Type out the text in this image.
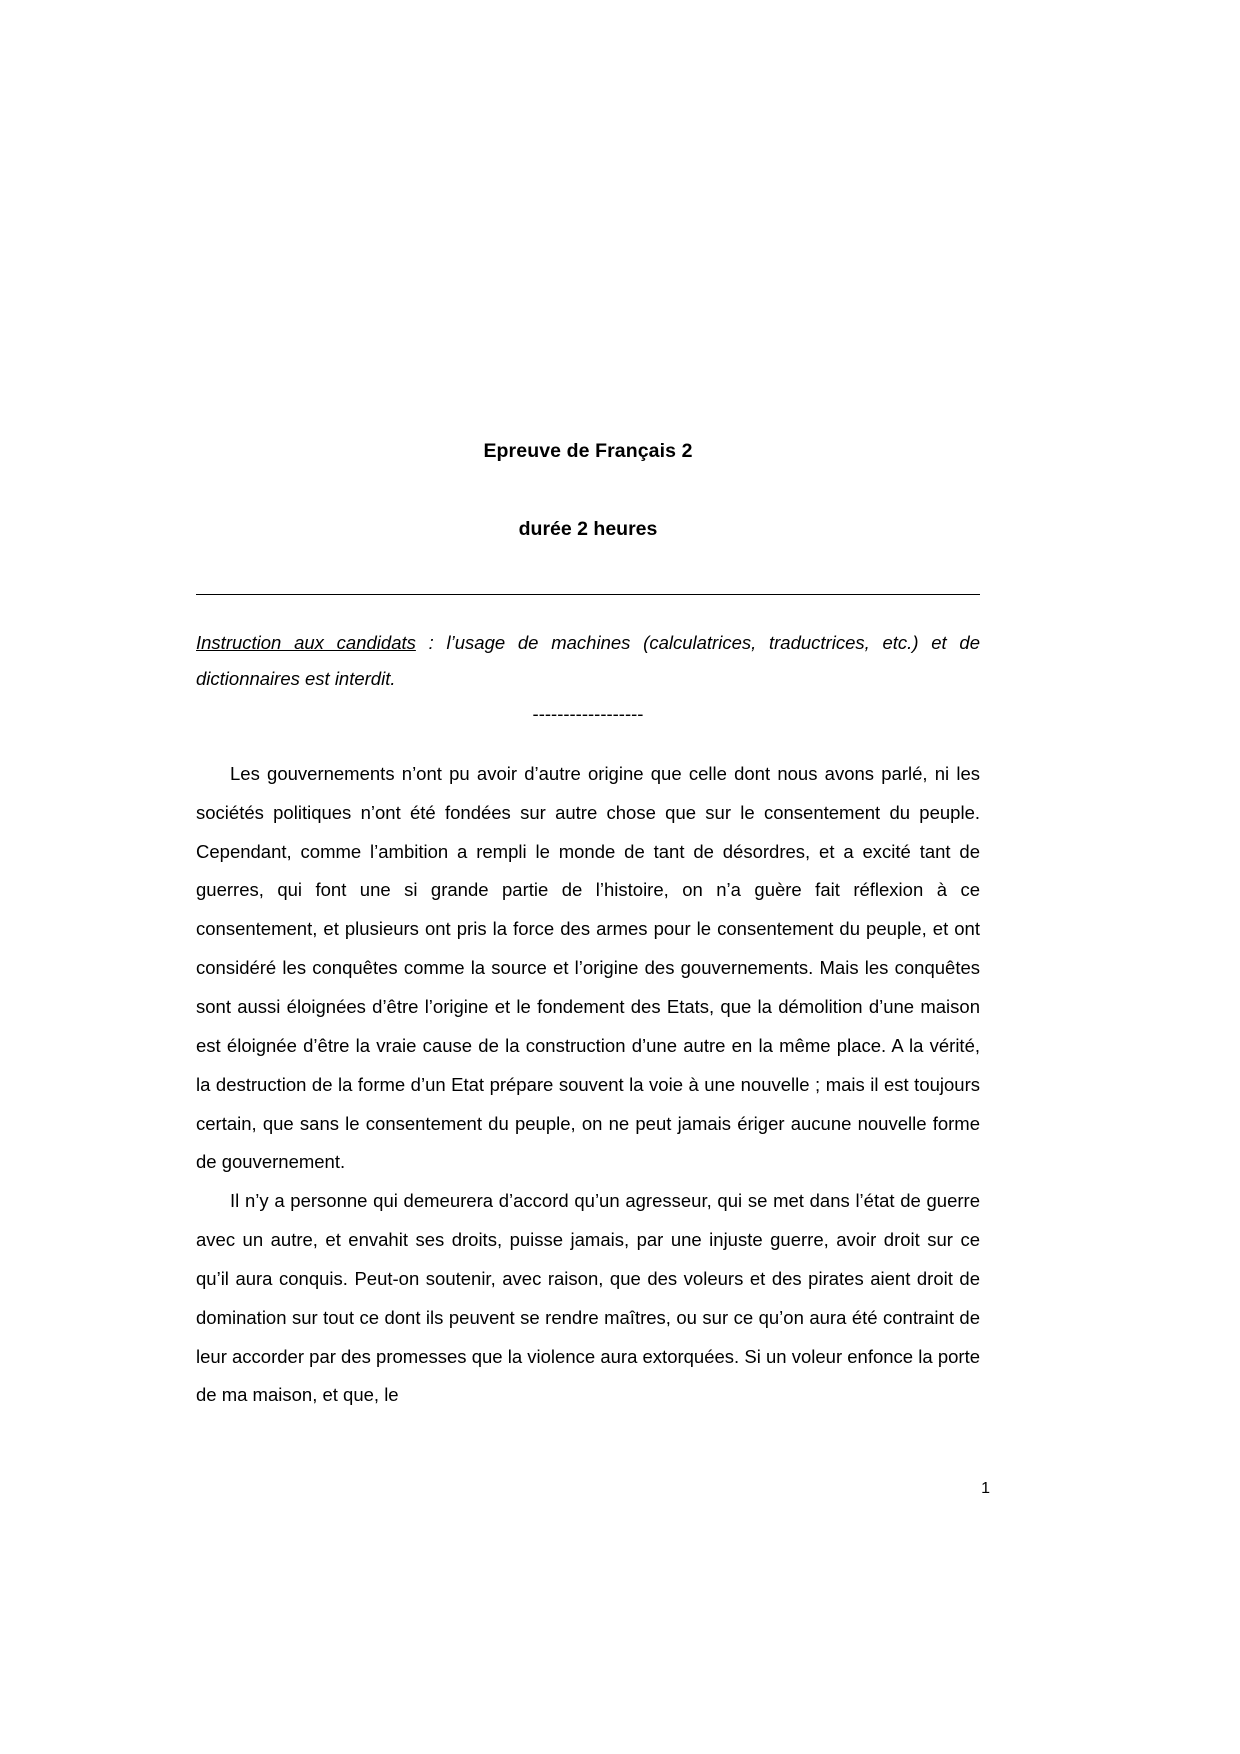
Epreuve de Français 2
durée 2 heures
Instruction aux candidats : l’usage de machines (calculatrices, traductrices, etc.) et de dictionnaires est interdit.
------------------

Les gouvernements n’ont pu avoir d’autre origine que celle dont nous avons parlé, ni les sociétés politiques n’ont été fondées sur autre chose que sur le consentement du peuple. Cependant, comme l’ambition a rempli le monde de tant de désordres, et a excité tant de guerres, qui font une si grande partie de l’histoire, on n’a guère fait réflexion à ce consentement, et plusieurs ont pris la force des armes pour le consentement du peuple, et ont considéré les conquêtes comme la source et l’origine des gouvernements. Mais les conquêtes sont aussi éloignées d’être l’origine et le fondement des Etats, que la démolition d’une maison est éloignée d’être la vraie cause de la construction d’une autre en la même place. A la vérité, la destruction de la forme d’un Etat prépare souvent la voie à une nouvelle ; mais il est toujours certain, que sans le consentement du peuple, on ne peut jamais ériger aucune nouvelle forme de gouvernement.

Il n’y a personne qui demeurera d’accord qu’un agresseur, qui se met dans l’état de guerre avec un autre, et envahit ses droits, puisse jamais, par une injuste guerre, avoir droit sur ce qu’il aura conquis. Peut-on soutenir, avec raison, que des voleurs et des pirates aient droit de domination sur tout ce dont ils peuvent se rendre maîtres, ou sur ce qu’on aura été contraint de leur accorder par des promesses que la violence aura extorquées. Si un voleur enfonce la porte de ma maison, et que, le

1
